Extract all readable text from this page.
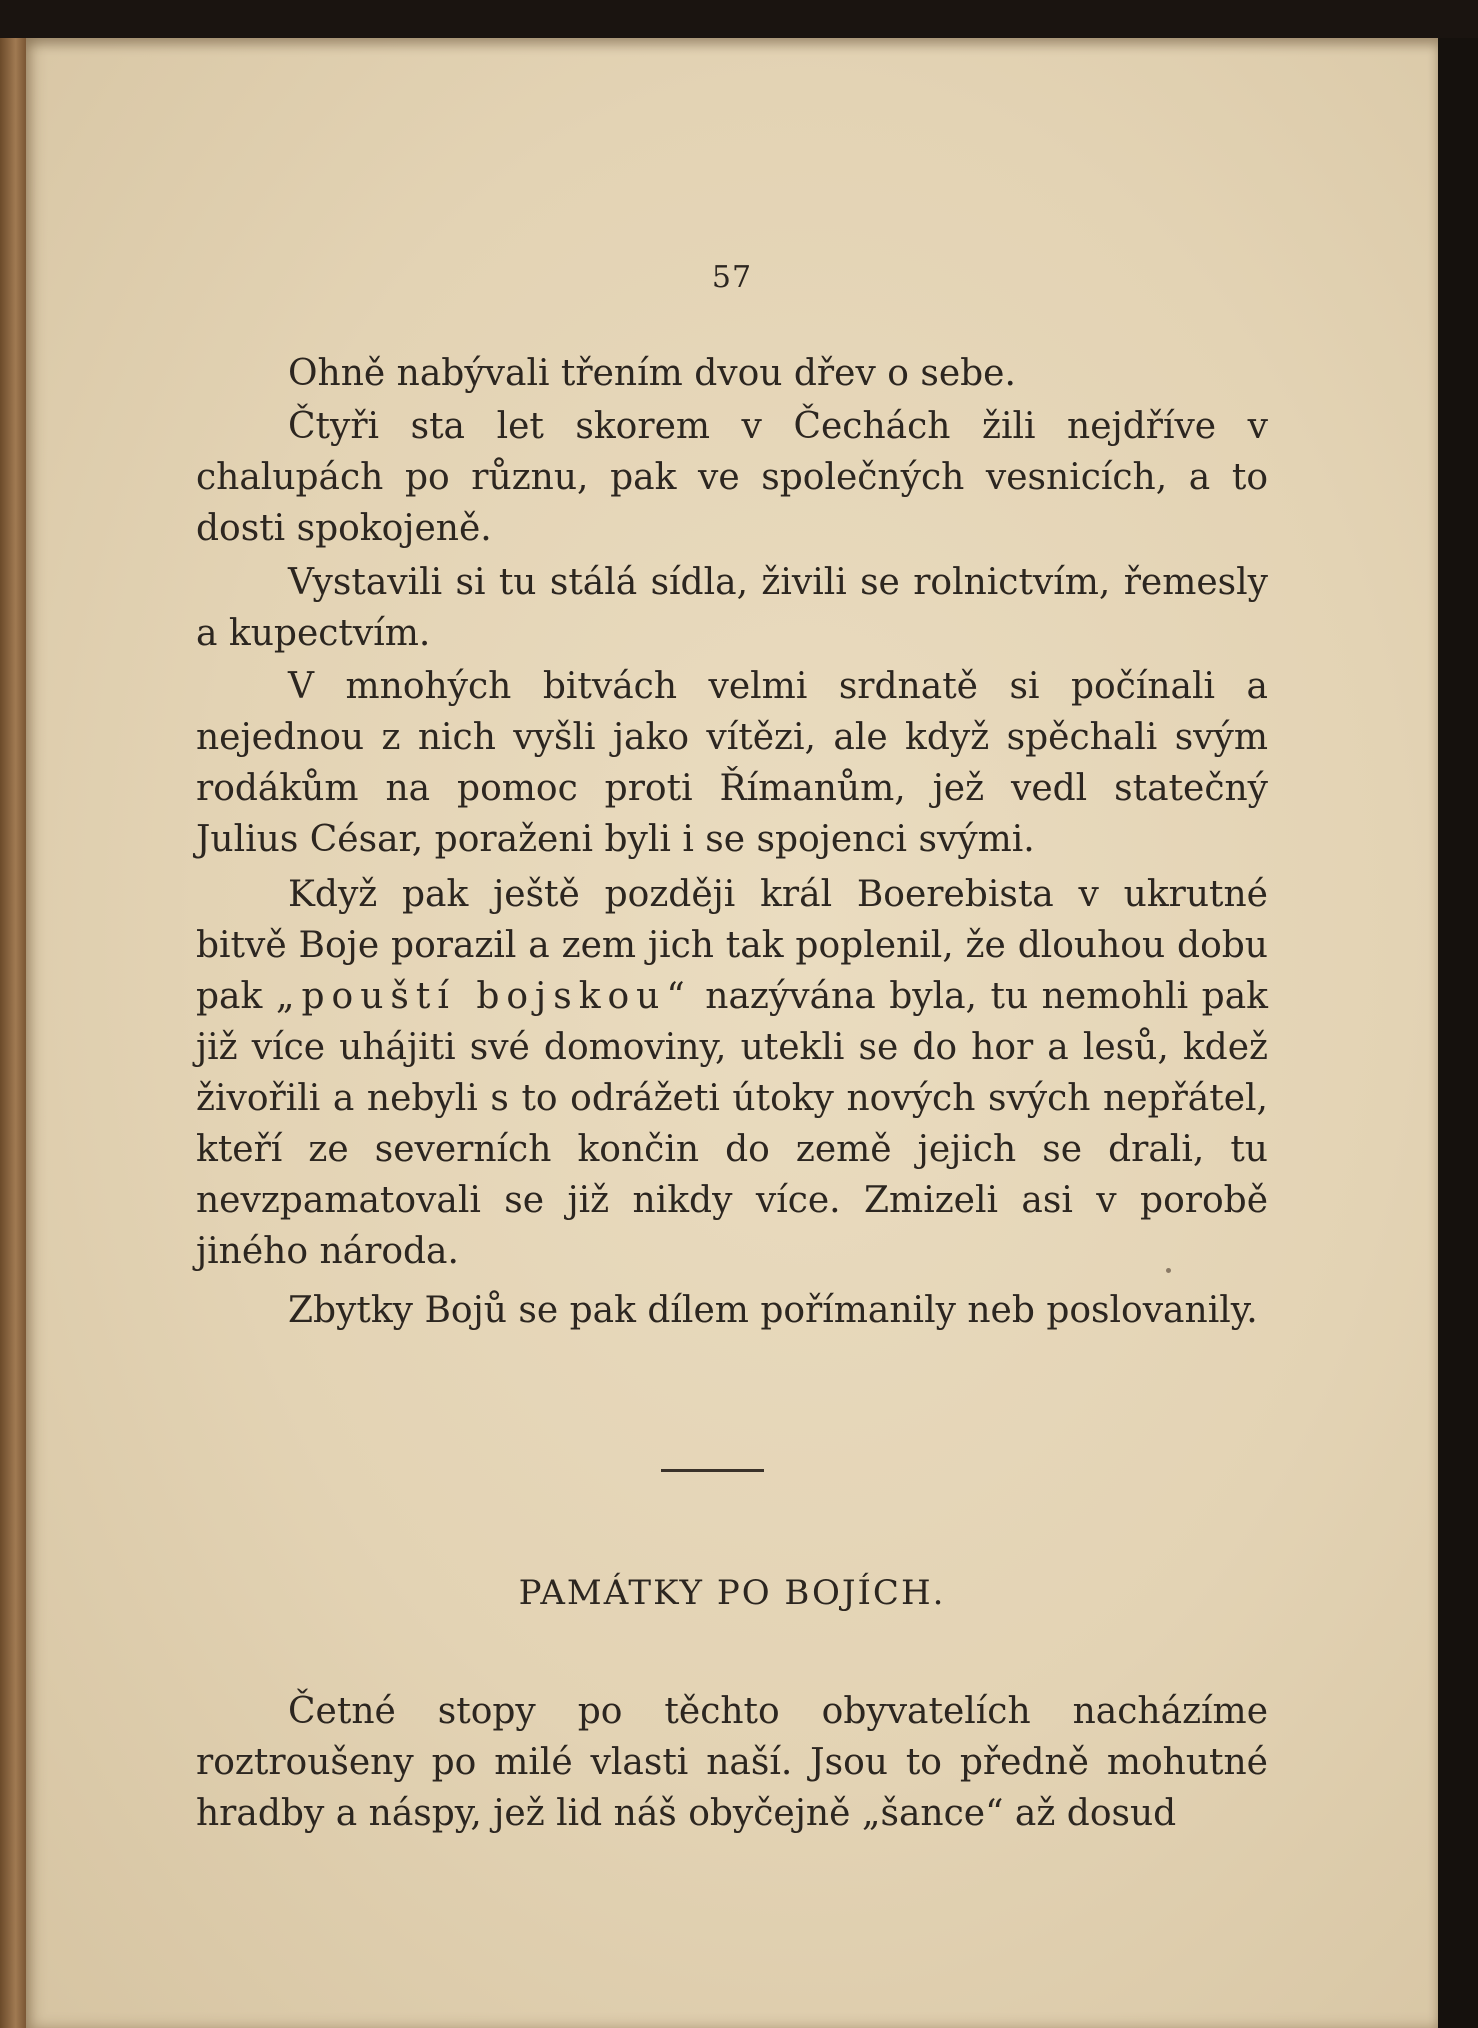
57

Ohně nabývali třením dvou dřev o sebe.

Čtyři sta let skorem v Čechách žili nejdříve v chalupách po různu, pak ve společných vesnicích, a to dosti spokojeně.

Vystavili si tu stálá sídla, živili se rolnictvím, řemesly a kupectvím.

V mnohých bitvách velmi srdnatě si počínali a nejednou z nich vyšli jako vítězi, ale když spěchali svým rodákům na pomoc proti Římanům, jež vedl statečný Julius César, poraženi byli i se spojenci svými.

Když pak ještě později král Boerebista v ukrutné bitvě Boje porazil a zem jich tak poplenil, že dlouhou dobu pak „pouští bojskou“ nazývána byla, tu nemohli pak již více uhájiti své domoviny, utekli se do hor a lesů, kdež živořili a nebyli s to odrážeti útoky nových svých nepřátel, kteří ze severních končin do země jejich se drali, tu nevzpamatovali se již nikdy více. Zmizeli asi v porobě jiného národa.

Zbytky Bojů se pak dílem pořímanily neb poslovanily.

PAMÁTKY PO BOJÍCH.

Četné stopy po těchto obyvatelích nacházíme roztroušeny po milé vlasti naší. Jsou to předně mohutné hradby a náspy, jež lid náš obyčejně „šance“ až dosud
